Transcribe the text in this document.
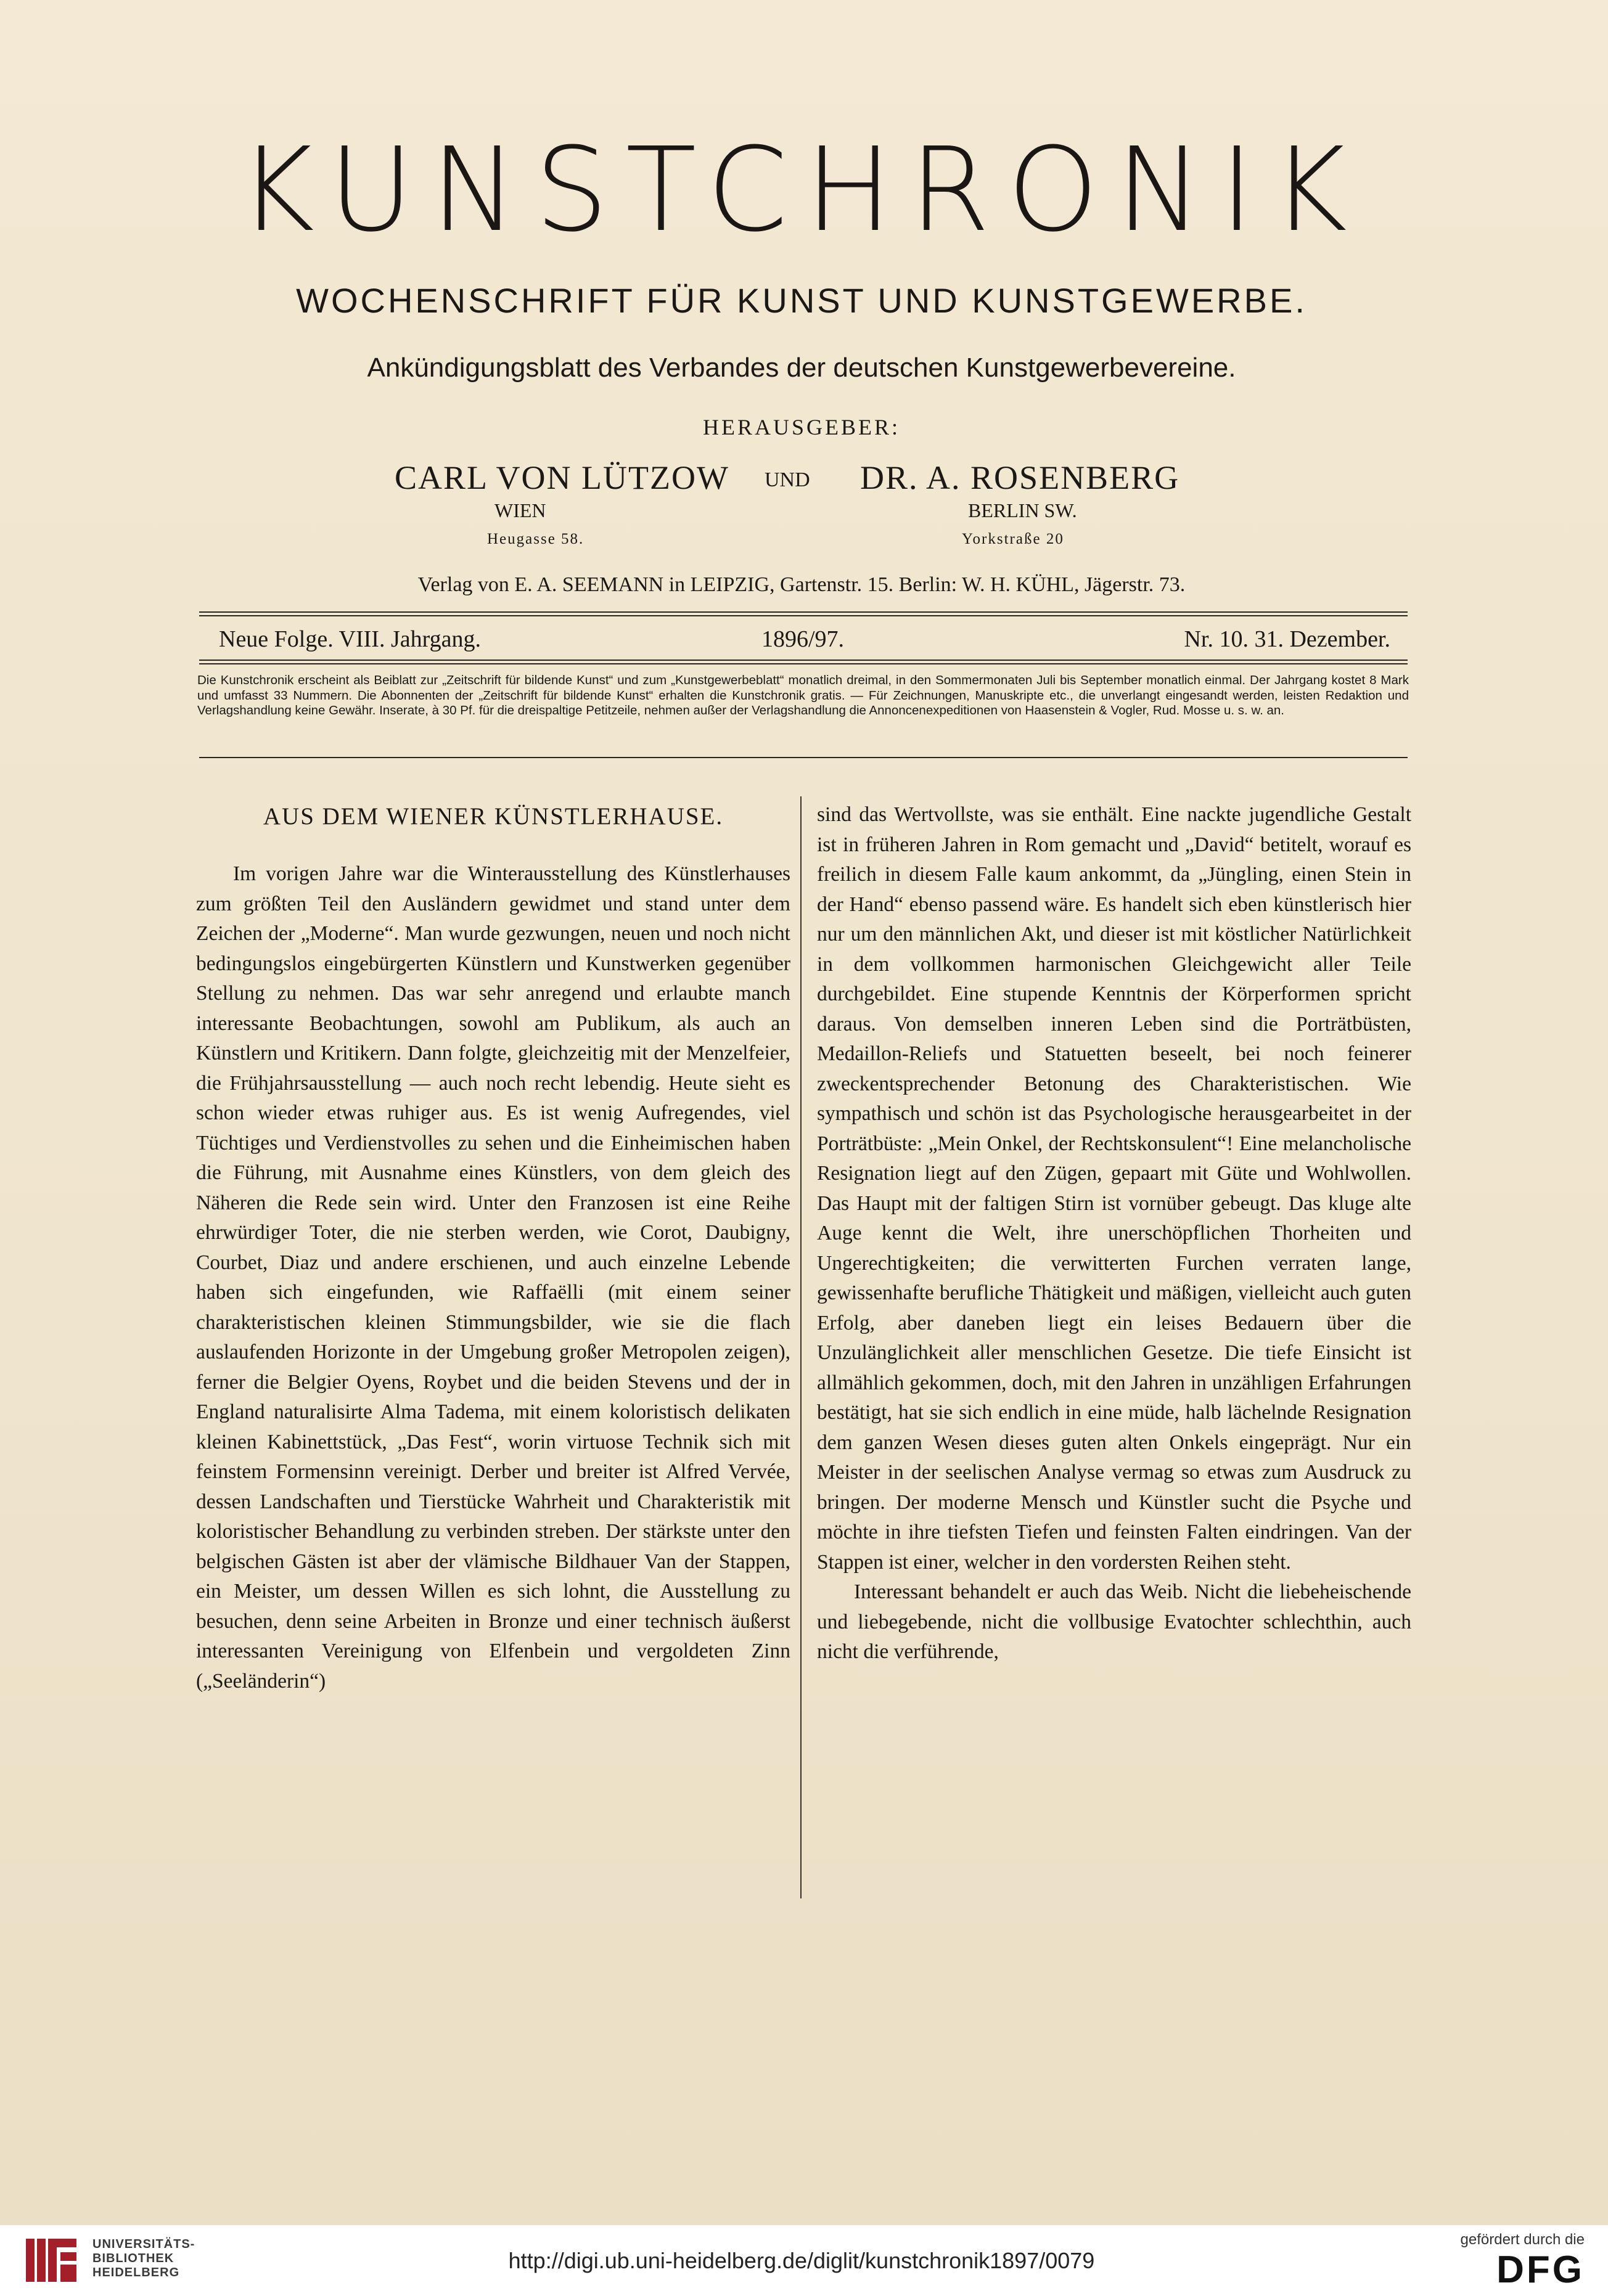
KUNSTCHRONIK
WOCHENSCHRIFT FÜR KUNST UND KUNSTGEWERBE.
Ankündigungsblatt des Verbandes der deutschen Kunstgewerbevereine.
HERAUSGEBER:
CARL VON LÜTZOW UND DR. A. ROSENBERG
WIEN	BERLIN SW.
Heugasse 58.	Yorkstraße 20
Verlag von E. A. SEEMANN in LEIPZIG, Gartenstr. 15. Berlin: W. H. KÜHL, Jägerstr. 73.
Neue Folge. VIII. Jahrgang.	1896/97.	Nr. 10. 31. Dezember.

Die Kunstchronik erscheint als Beiblatt zur „Zeitschrift für bildende Kunst“ und zum „Kunstgewerbeblatt“ monatlich dreimal, in den Sommermonaten Juli bis September monatlich einmal. Der Jahrgang kostet 8 Mark und umfasst 33 Nummern. Die Abonnenten der „Zeitschrift für bildende Kunst“ erhalten die Kunstchronik gratis. — Für Zeichnungen, Manuskripte etc., die unverlangt eingesandt werden, leisten Redaktion und Verlagshandlung keine Gewähr. Inserate, à 30 Pf. für die dreispaltige Petitzeile, nehmen außer der Verlagshandlung die Annoncenexpeditionen von Haasenstein & Vogler, Rud. Mosse u. s. w. an.

AUS DEM WIENER KÜNSTLERHAUSE.

Im vorigen Jahre war die Winterausstellung des Künstlerhauses zum größten Teil den Ausländern gewidmet und stand unter dem Zeichen der „Moderne“. Man wurde gezwungen, neuen und noch nicht bedingungslos eingebürgerten Künstlern und Kunstwerken gegenüber Stellung zu nehmen. Das war sehr anregend und erlaubte manch interessante Beobachtungen, sowohl am Publikum, als auch an Künstlern und Kritikern. Dann folgte, gleichzeitig mit der Menzelfeier, die Frühjahrsausstellung — auch noch recht lebendig. Heute sieht es schon wieder etwas ruhiger aus. Es ist wenig Aufregendes, viel Tüchtiges und Verdienstvolles zu sehen und die Einheimischen haben die Führung, mit Ausnahme eines Künstlers, von dem gleich des Näheren die Rede sein wird. Unter den Franzosen ist eine Reihe ehrwürdiger Toter, die nie sterben werden, wie Corot, Daubigny, Courbet, Diaz und andere erschienen, und auch einzelne Lebende haben sich eingefunden, wie Raffaëlli (mit einem seiner charakteristischen kleinen Stimmungsbilder, wie sie die flach auslaufenden Horizonte in der Umgebung großer Metropolen zeigen), ferner die Belgier Oyens, Roybet und die beiden Stevens und der in England naturalisirte Alma Tadema, mit einem koloristisch delikaten kleinen Kabinettstück, „Das Fest“, worin virtuose Technik sich mit feinstem Formensinn vereinigt. Derber und breiter ist Alfred Vervée, dessen Landschaften und Tierstücke Wahrheit und Charakteristik mit koloristischer Behandlung zu verbinden streben. Der stärkste unter den belgischen Gästen ist aber der vlämische Bildhauer Van der Stappen, ein Meister, um dessen Willen es sich lohnt, die Ausstellung zu besuchen, denn seine Arbeiten in Bronze und einer technisch äußerst interessanten Vereinigung von Elfenbein und vergoldeten Zinn („Seeländerin“)

sind das Wertvollste, was sie enthält. Eine nackte jugendliche Gestalt ist in früheren Jahren in Rom gemacht und „David“ betitelt, worauf es freilich in diesem Falle kaum ankommt, da „Jüngling, einen Stein in der Hand“ ebenso passend wäre. Es handelt sich eben künstlerisch hier nur um den männlichen Akt, und dieser ist mit köstlicher Natürlichkeit in dem vollkommen harmonischen Gleichgewicht aller Teile durchgebildet. Eine stupende Kenntnis der Körperformen spricht daraus. Von demselben inneren Leben sind die Porträtbüsten, Medaillon-Reliefs und Statuetten beseelt, bei noch feinerer zweckentsprechender Betonung des Charakteristischen. Wie sympathisch und schön ist das Psychologische herausgearbeitet in der Porträtbüste: „Mein Onkel, der Rechtskonsulent“! Eine melancholische Resignation liegt auf den Zügen, gepaart mit Güte und Wohlwollen. Das Haupt mit der faltigen Stirn ist vornüber gebeugt. Das kluge alte Auge kennt die Welt, ihre unerschöpflichen Thorheiten und Ungerechtigkeiten; die verwitterten Furchen verraten lange, gewissenhafte berufliche Thätigkeit und mäßigen, vielleicht auch guten Erfolg, aber daneben liegt ein leises Bedauern über die Unzulänglichkeit aller menschlichen Gesetze. Die tiefe Einsicht ist allmählich gekommen, doch, mit den Jahren in unzähligen Erfahrungen bestätigt, hat sie sich endlich in eine müde, halb lächelnde Resignation dem ganzen Wesen dieses guten alten Onkels eingeprägt. Nur ein Meister in der seelischen Analyse vermag so etwas zum Ausdruck zu bringen. Der moderne Mensch und Künstler sucht die Psyche und möchte in ihre tiefsten Tiefen und feinsten Falten eindringen. Van der Stappen ist einer, welcher in den vordersten Reihen steht.

Interessant behandelt er auch das Weib. Nicht die liebeheischende und liebegebende, nicht die vollbusige Evatochter schlechthin, auch nicht die verführende,

UNIVERSITÄTS-
BIBLIOTHEK
HEIDELBERG	http://digi.ub.uni-heidelberg.de/diglit/kunstchronik1897/0079
gefördert durch die
DFG
